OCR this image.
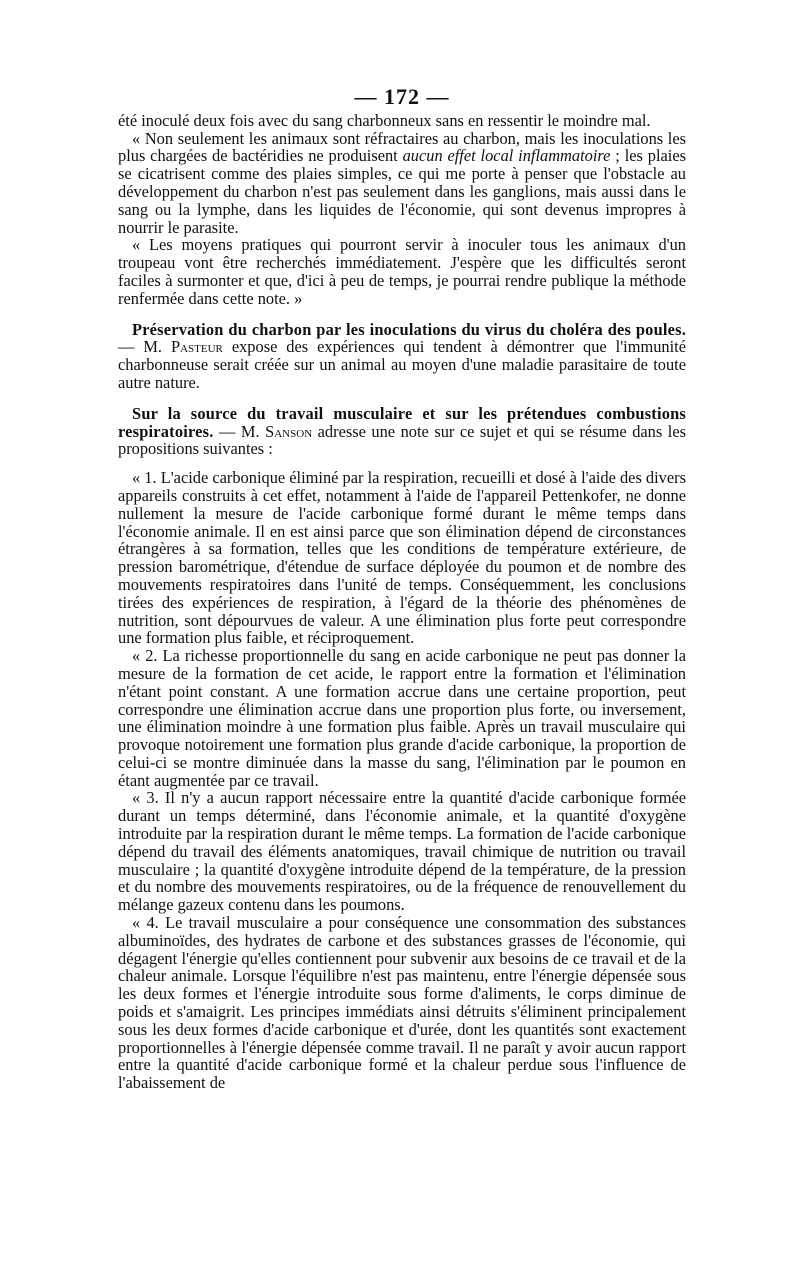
— 172 —

été inoculé deux fois avec du sang charbonneux sans en ressentir le moindre mal.

« Non seulement les animaux sont réfractaires au charbon, mais les inoculations les plus chargées de bactéridies ne produisent aucun effet local inflammatoire ; les plaies se cicatrisent comme des plaies simples, ce qui me porte à penser que l'obstacle au développement du charbon n'est pas seulement dans les ganglions, mais aussi dans le sang ou la lymphe, dans les liquides de l'économie, qui sont devenus impropres à nourrir le parasite.

« Les moyens pratiques qui pourront servir à inoculer tous les animaux d'un troupeau vont être recherchés immédiatement. J'espère que les difficultés seront faciles à surmonter et que, d'ici à peu de temps, je pourrai rendre publique la méthode renfermée dans cette note. »

Préservation du charbon par les inoculations du virus du choléra des poules. — M. Pasteur expose des expériences qui tendent à démontrer que l'immunité charbonneuse serait créée sur un animal au moyen d'une maladie parasitaire de toute autre nature.

Sur la source du travail musculaire et sur les prétendues combustions respiratoires. — M. Sanson adresse une note sur ce sujet et qui se résume dans les propositions suivantes :

« 1. L'acide carbonique éliminé par la respiration, recueilli et dosé à l'aide des divers appareils construits à cet effet, notamment à l'aide de l'appareil Pettenkofer, ne donne nullement la mesure de l'acide carbonique formé durant le même temps dans l'économie animale. Il en est ainsi parce que son élimination dépend de circonstances étrangères à sa formation, telles que les conditions de température extérieure, de pression barométrique, d'étendue de surface déployée du poumon et de nombre des mouvements respiratoires dans l'unité de temps. Conséquemment, les conclusions tirées des expériences de respiration, à l'égard de la théorie des phénomènes de nutrition, sont dépourvues de valeur. A une élimination plus forte peut correspondre une formation plus faible, et réciproquement.

« 2. La richesse proportionnelle du sang en acide carbonique ne peut pas donner la mesure de la formation de cet acide, le rapport entre la formation et l'élimination n'étant point constant. A une formation accrue dans une certaine proportion, peut correspondre une élimination accrue dans une proportion plus forte, ou inversement, une élimination moindre à une formation plus faible. Après un travail musculaire qui provoque notoirement une formation plus grande d'acide carbonique, la proportion de celui-ci se montre diminuée dans la masse du sang, l'élimination par le poumon en étant augmentée par ce travail.

« 3. Il n'y a aucun rapport nécessaire entre la quantité d'acide carbonique formée durant un temps déterminé, dans l'économie animale, et la quantité d'oxygène introduite par la respiration durant le même temps. La formation de l'acide carbonique dépend du travail des éléments anatomiques, travail chimique de nutrition ou travail musculaire ; la quantité d'oxygène introduite dépend de la température, de la pression et du nombre des mouvements respiratoires, ou de la fréquence de renouvellement du mélange gazeux contenu dans les poumons.

« 4. Le travail musculaire a pour conséquence une consommation des substances albuminoïdes, des hydrates de carbone et des substances grasses de l'économie, qui dégagent l'énergie qu'elles contiennent pour subvenir aux besoins de ce travail et de la chaleur animale. Lorsque l'équilibre n'est pas maintenu, entre l'énergie dépensée sous les deux formes et l'énergie introduite sous forme d'aliments, le corps diminue de poids et s'amaigrit. Les principes immédiats ainsi détruits s'éliminent principalement sous les deux formes d'acide carbonique et d'urée, dont les quantités sont exactement proportionnelles à l'énergie dépensée comme travail. Il ne paraît y avoir aucun rapport entre la quantité d'acide carbonique formé et la chaleur perdue sous l'influence de l'abaissement de
